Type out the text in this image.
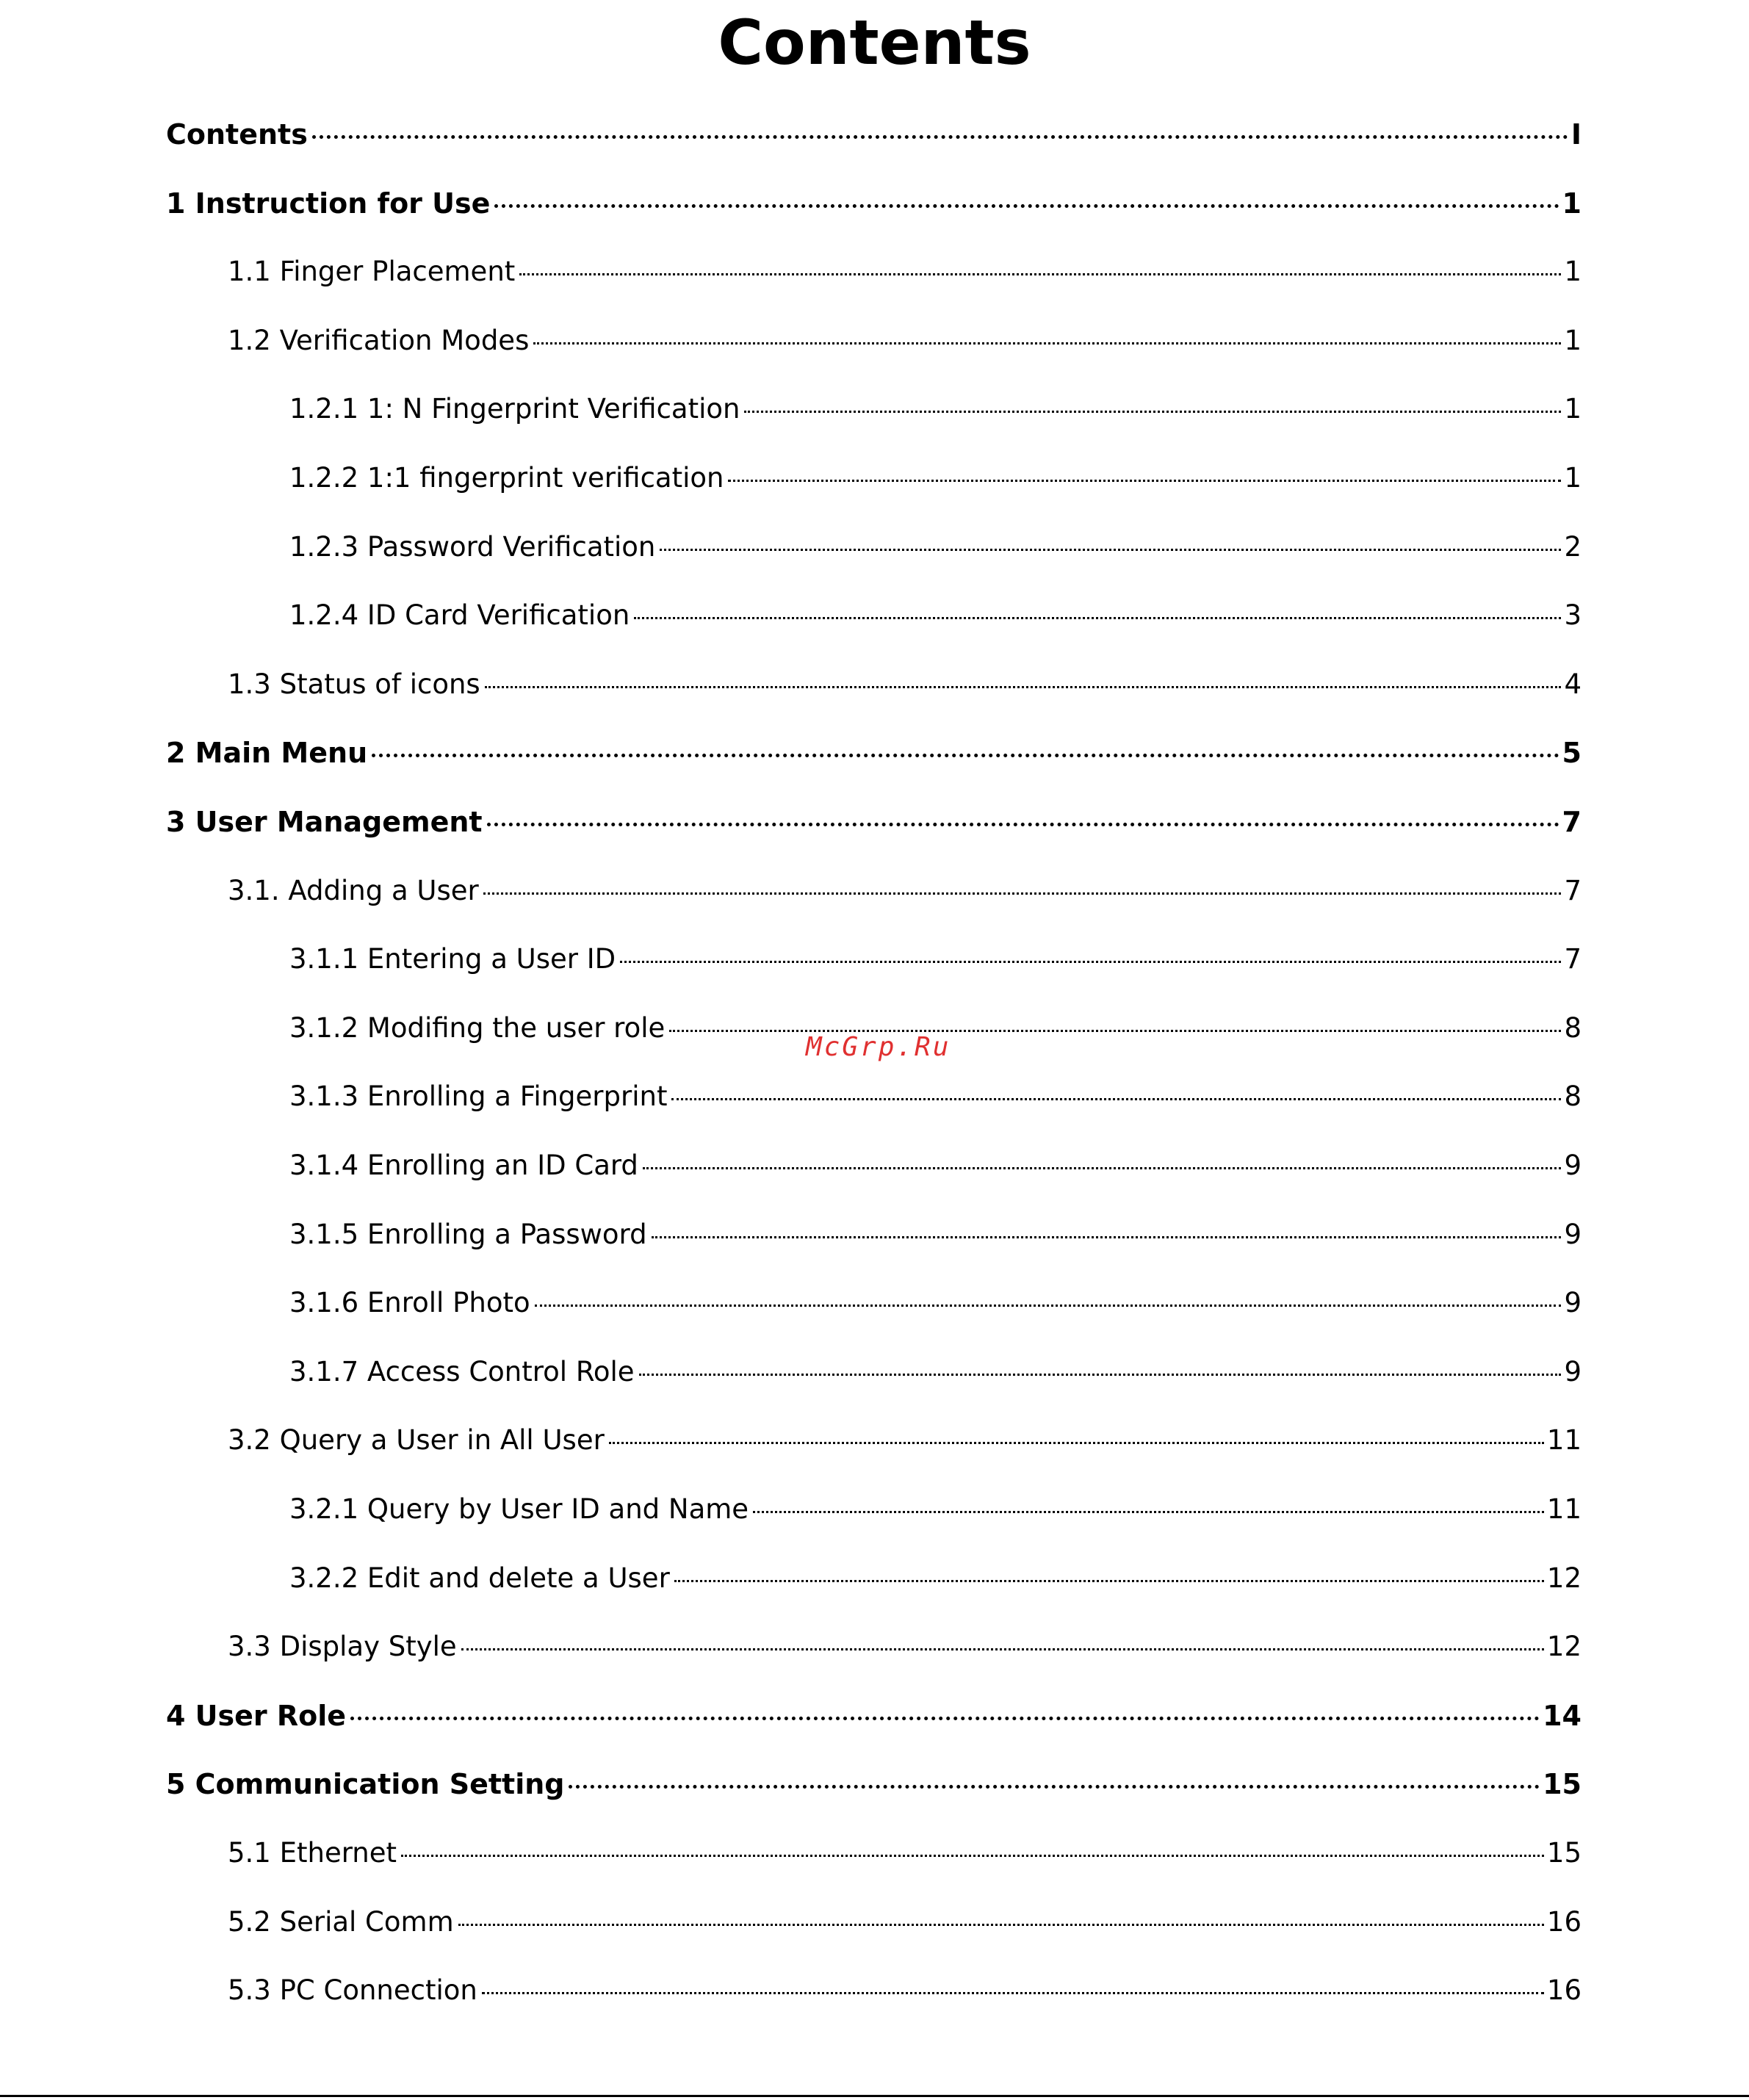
Contents
Contents	I
1 Instruction for Use	1
1.1 Finger Placement	1
1.2 Verification Modes	1
1.2.1 1: N Fingerprint Verification	1
1.2.2 1:1 fingerprint verification	1
1.2.3 Password Verification	2
1.2.4 ID Card Verification	3
1.3 Status of icons	4
2 Main Menu	5
3 User Management	7
3.1. Adding a User	7
3.1.1 Entering a User ID	7
3.1.2 Modifing the user role	8
3.1.3 Enrolling a Fingerprint	8
3.1.4 Enrolling an ID Card	9
3.1.5 Enrolling a Password	9
3.1.6 Enroll Photo	9
3.1.7 Access Control Role	9
3.2 Query a User in All User	11
3.2.1 Query by User ID and Name	11
3.2.2 Edit and delete a User	12
3.3 Display Style	12
4 User Role	14
5 Communication Setting	15
5.1 Ethernet	15
5.2 Serial Comm	16
5.3 PC Connection	16
McGrp.Ru
